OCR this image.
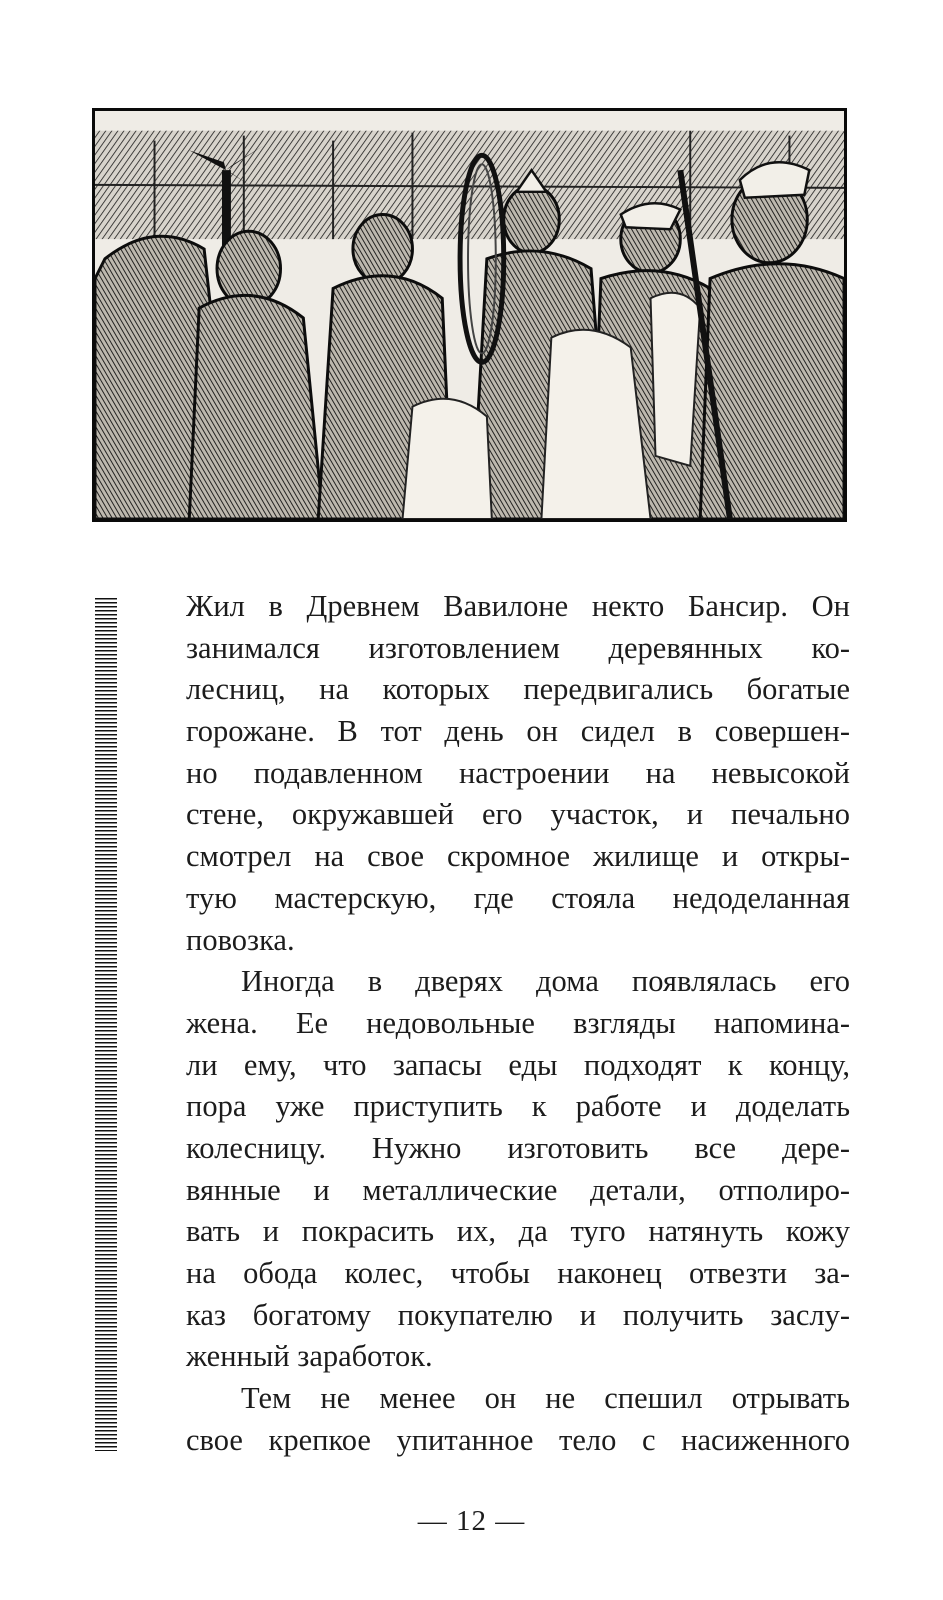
Жил в Древнем Вавилоне некто Бансир. Он
занимался изготовлением деревянных ко-
лесниц, на которых передвигались богатые
горожане. В тот день он сидел в совершен-
но подавленном настроении на невысокой
стене, окружавшей его участок, и печально
смотрел на свое скромное жилище и откры-
тую мастерскую, где стояла недоделанная
повозка.
Иногда в дверях дома появлялась его
жена. Ее недовольные взгляды напомина-
ли ему, что запасы еды подходят к концу,
пора уже приступить к работе и доделать
колесницу. Нужно изготовить все дере-
вянные и металлические детали, отполиро-
вать и покрасить их, да туго натянуть кожу
на обода колес, чтобы наконец отвезти за-
каз богатому покупателю и получить заслу-
женный заработок.
Тем не менее он не спешил отрывать
свое крепкое упитанное тело с насиженного
— 12 —
